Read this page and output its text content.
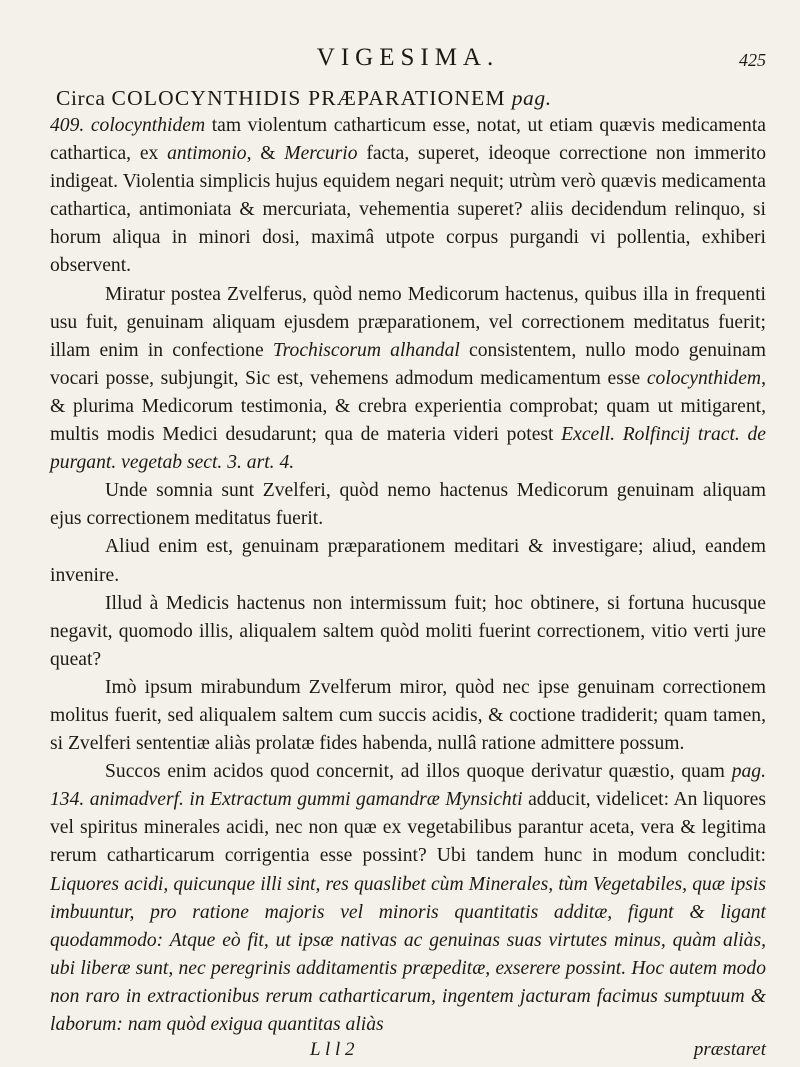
VIGESIMA.	425
Circa COLOCYNTHIDIS PRÆPARATIONEM pag.

409. colocynthidem tam violentum catharticum esse, notat, ut etiam quævis medicamenta cathartica, ex antimonio, & Mercurio facta, superet, ideoque correctione non immerito indigeat. Violentia simplicis hujus equidem negari nequit; utrùm verò quævis medicamenta cathartica, antimoniata & mercuriata, vehementia superet? aliis decidendum relinquo, si horum aliqua in minori dosi, maximâ utpote corpus purgandi vi pollentia, exhiberi observent.

Miratur postea Zvelferus, quòd nemo Medicorum hactenus, quibus illa in frequenti usu fuit, genuinam aliquam ejusdem præparationem, vel correctionem meditatus fuerit; illam enim in confectione Trochiscorum alhandal consistentem, nullo modo genuinam vocari posse, subjungit, Sic est, vehemens admodum medicamentum esse colocynthidem, & plurima Medicorum testimonia, & crebra experientia comprobat; quam ut mitigarent, multis modis Medici desudarunt; qua de materia videri potest Excell. Rolfincij tract. de purgant. vegetab sect. 3. art. 4.

Unde somnia sunt Zvelferi, quòd nemo hactenus Medicorum genuinam aliquam ejus correctionem meditatus fuerit.

Aliud enim est, genuinam præparationem meditari & investigare; aliud, eandem invenire.

Illud à Medicis hactenus non intermissum fuit; hoc obtinere, si fortuna hucusque negavit, quomodo illis, aliqualem saltem quòd moliti fuerint correctionem, vitio verti jure queat?

Imò ipsum mirabundum Zvelferum miror, quòd nec ipse genuinam correctionem molitus fuerit, sed aliqualem saltem cum succis acidis, & coctione tradiderit; quam tamen, si Zvelferi sententiæ aliàs prolatæ fides habenda, nullâ ratione admittere possum.

Succos enim acidos quod concernit, ad illos quoque derivatur quæstio, quam pag. 134. animadverf. in Extractum gummi gamandræ Mynsichti adducit, videlicet: An liquores vel spiritus minerales acidi, nec non quæ ex vegetabilibus parantur aceta, vera & legitima rerum catharticarum corrigentia esse possint? Ubi tandem hunc in modum concludit: Liquores acidi, quicunque illi sint, res quaslibet cùm Minerales, tùm Vegetabiles, quæ ipsis imbuuntur, pro ratione majoris vel minoris quantitatis additæ, figunt & ligant quodammodo: Atque eò fit, ut ipsæ nativas ac genuinas suas virtutes minus, quàm aliàs, ubi liberæ sunt, nec peregrinis additamentis præpeditæ, exserere possint. Hoc autem modo non raro in extractionibus rerum catharticarum, ingentem jacturam facimus sumptuum & laborum: nam quòd exigua quantitas aliàs

L l l 2	præstaret
